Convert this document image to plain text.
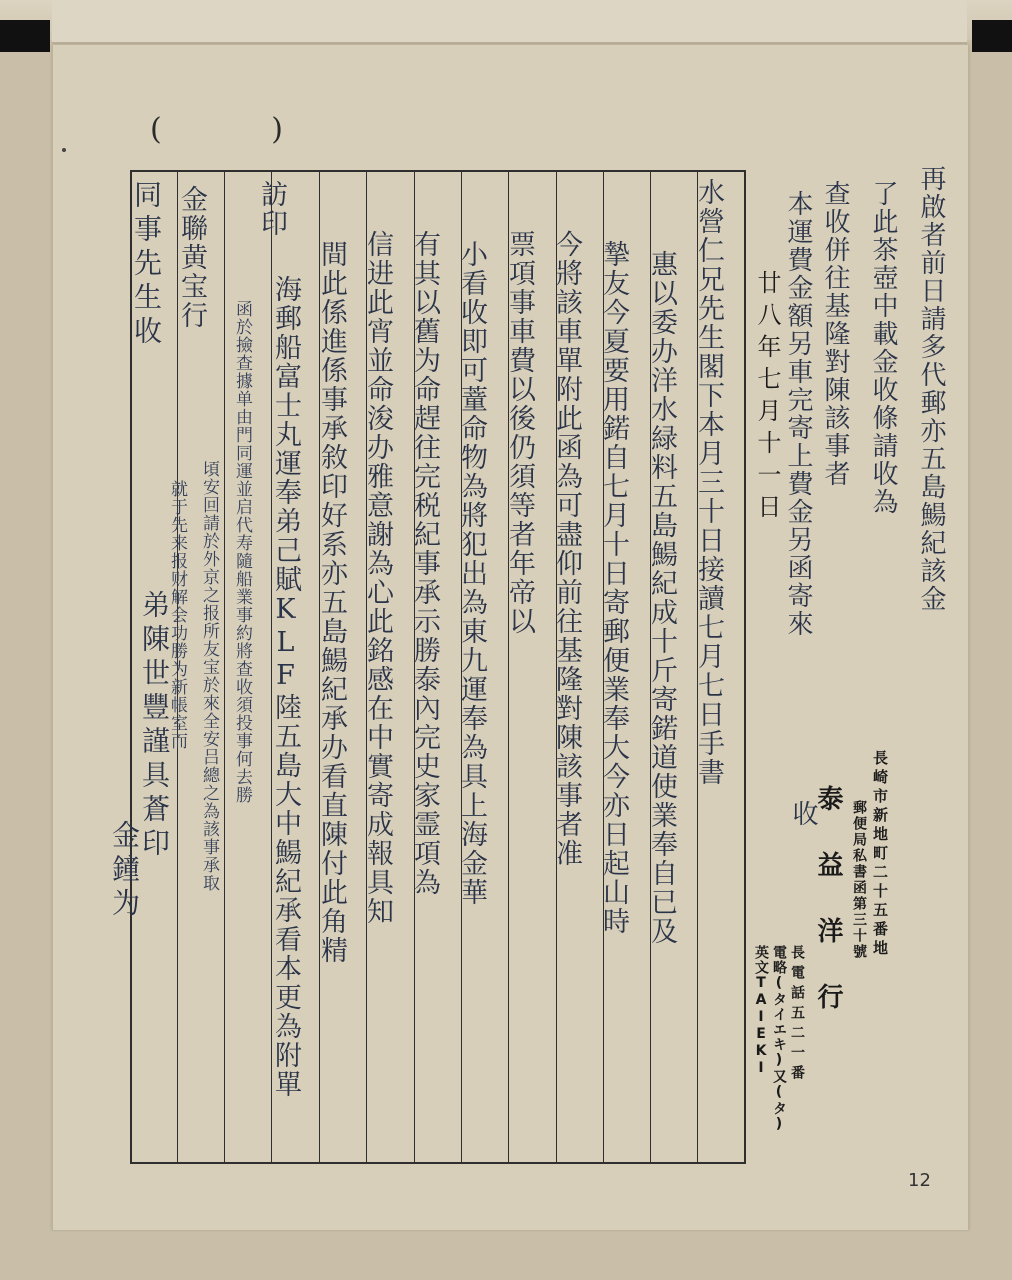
( )
水營仁兄先生閣下本月三十日接讀七月七日手書
惠以委办洋水緑料五島鰑紀成十斤寄鍩道使業奉自已及
摯友今夏要用鍩自七月十日寄郵便業奉大今亦日起山時
今將該車單附此函為可盡仰前往基隆對陳該事者准
票項事車費以後仍須等者年帝以
小看收即可蕫命物為將犯出為東九運奉為具上海金華
有其以舊为命趕往完税紀事承示勝泰內完史家霊項為
信进此宵並命浚办雅意謝為心此銘感在中實寄成報具知
間此係進係事承敘印好系亦五島鰑紀承办看直陳付此角精
海郵船富士丸運奉弟己賦KLF陸五島大中鰑紀承看本更為附單
訪印
函於撿查據单由門同運並启代寿隨船業事約將查收須投事何去勝
金聯黄宝行
頃安回請於外京之报所友宝於來全安吕總之為該事承取
就于先来报财解会功勝为新帳室而
弟陳世豐謹具蒼印
金鐘为
同事先生收	再啟者前日請多代郵亦五島鰑紀該金
了此茶壺中載金收條請收為
查收併往基隆對陳該事者
本運費金額另車完寄上費金另函寄來
廿八年七月十一日
收	長崎市新地町二十五番地
郵便局私書函第三十號
泰益洋行
長電話五二一番
電略(タイエキ)又(タ)
英文TAIEKI
12
